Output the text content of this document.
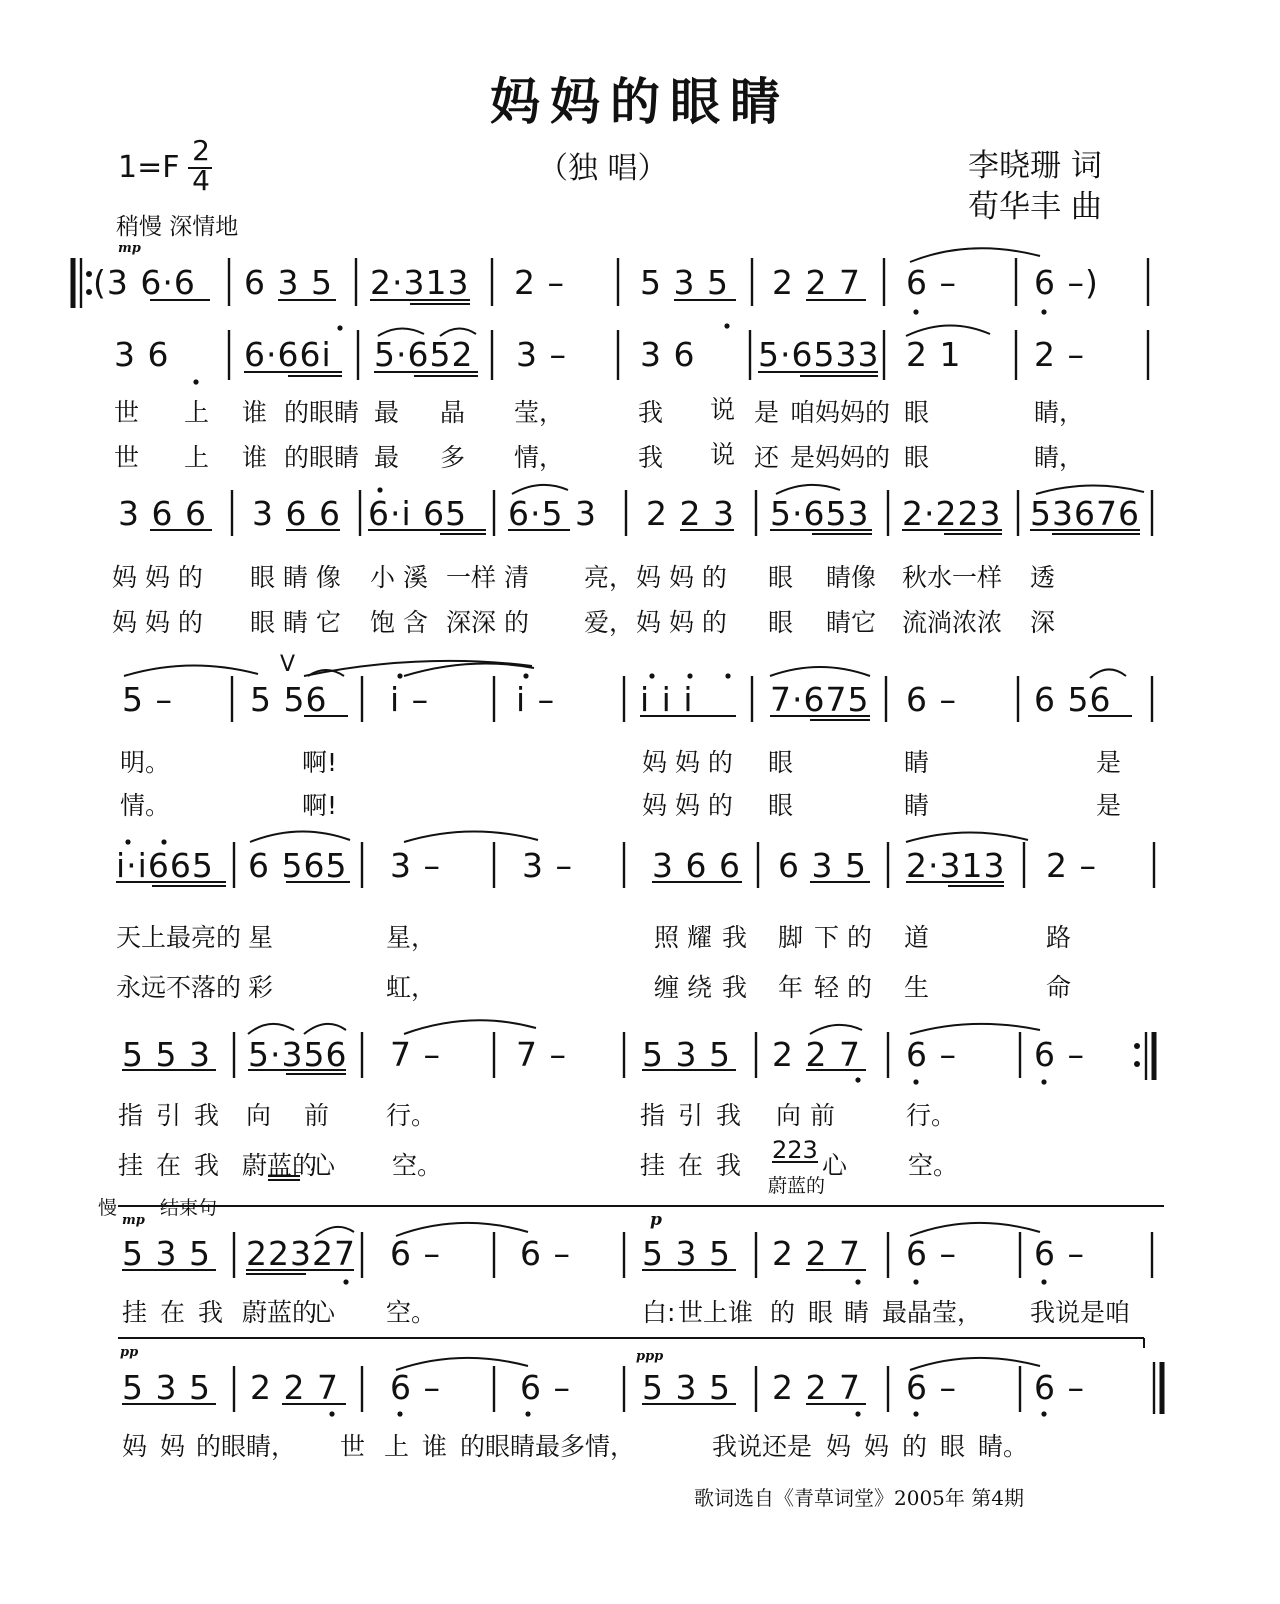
妈妈的眼睛
1=F 2
4	（独 唱）	李晓珊 词
荀华丰 曲
稍慢 深情地
mp
V
慢 结束句
mp	p
pp	ppp
(3 6·6 6 3 5 2·313 2 – 5 3 5 2 2 7 6 – 6 –)
3 6 6·66i 5·652 3 – 3 6 5·6533 2 1 2 –
世 上 谁 的眼睛 最 晶 莹，	我 说 是 咱妈妈的 眼	睛，
世 上 谁 的眼睛 最 多 情，	我 说 还 是妈妈的 眼	睛，
3 6 6 3 6 6 6·i 65 6·5 3 2 2 3 5·653 2·223 53676
妈 妈 的 眼 睛 像 小 溪 一样 清 亮， 妈 妈 的 眼 睛像 秋水一样 透
妈 妈 的 眼 睛 它 饱 含 深深 的 爱， 妈 妈 的 眼 睛它 流淌浓浓 深
5 – 5 56 i –	i –	i i i 7·675 6 – 6 56
明。	啊!	妈 妈 的 眼	睛	是
情。	啊!	妈 妈 的 眼	睛	是
i·i665 6 565 3 – 3 – 3 6 6 6 3 5 2·313 2 –
天上最亮的 星	星，	照 耀 我 脚 下 的 道	路
永远不落的 彩	虹，	缠 绕 我 年 轻 的 生	命
5 5 3 5·356 7 – 7 – 5 3 5 2 2 7 6 – 6 –
指 引 我 向 前 行。	指 引 我 向 前	行。
挂 在 我 蔚蓝的
心 空。	挂 在 我	心 空。
223
蔚蓝的
5 3 5 22327 6 – 6 – 5 3 5 2 2 7 6 – 6 –
挂 在 我 蔚蓝的
心 空。	白: 世上谁 的 眼 睛 最晶莹， 我说是咱
5 3 5 2 2 7 6 – 6 – 5 3 5 2 2 7 6 – 6 –
妈 妈 的眼睛， 世 上 谁 的眼睛最多情，	我说还是 妈 妈 的 眼 睛。
歌词选自《青草词堂》2005年 第4期
